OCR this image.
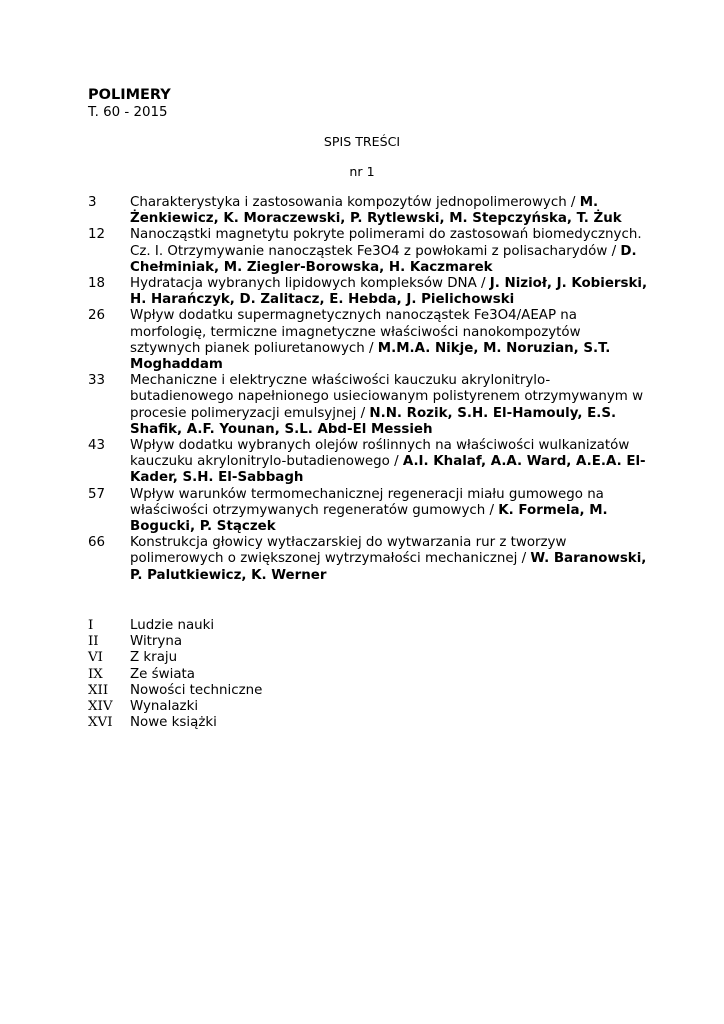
POLIMERY

T. 60 - 2015

SPIS TREŚCI
nr 1
3	Charakterystyka i zastosowania kompozytów jednopolimerowych / M. Żenkiewicz, K. Moraczewski, P. Rytlewski, M. Stepczyńska, T. Żuk
12	Nanocząstki magnetytu pokryte polimerami do zastosowań biomedycznych. Cz. I. Otrzymywanie nanocząstek Fe3O4 z powłokami z polisacharydów / D. Chełminiak, M. Ziegler-Borowska, H. Kaczmarek
18	Hydratacja wybranych lipidowych kompleksów DNA / J. Nizioł, J. Kobierski, H. Harańczyk, D. Zalitacz, E. Hebda, J. Pielichowski
26	Wpływ dodatku supermagnetycznych nanocząstek Fe3O4/AEAP na morfologię, termiczne imagnetyczne właściwości nanokompozytów sztywnych pianek poliuretanowych / M.M.A. Nikje, M. Noruzian, S.T. Moghaddam
33	Mechaniczne i elektryczne właściwości kauczuku akrylonitrylo-butadienowego napełnionego usieciowanym polistyrenem otrzymywanym w procesie polimeryzacji emulsyjnej / N.N. Rozik, S.H. El-Hamouly, E.S. Shafik, A.F. Younan, S.L. Abd-El Messieh
43	Wpływ dodatku wybranych olejów roślinnych na właściwości wulkanizatów kauczuku akrylonitrylo-butadienowego / A.I. Khalaf, A.A. Ward, A.E.A. El-Kader, S.H. El-Sabbagh
57	Wpływ warunków termomechanicznej regeneracji miału gumowego na właściwości otrzymywanych regeneratów gumowych / K. Formela, M. Bogucki, P. Stączek
66	Konstrukcja głowicy wytłaczarskiej do wytwarzania rur z tworzyw polimerowych o zwiększonej wytrzymałości mechanicznej / W. Baranowski, P. Palutkiewicz, K. Werner
I	Ludzie nauki
II	Witryna
VI	Z kraju
IX	Ze świata
XII	Nowości techniczne
XIV	Wynalazki
XVI	Nowe książki
